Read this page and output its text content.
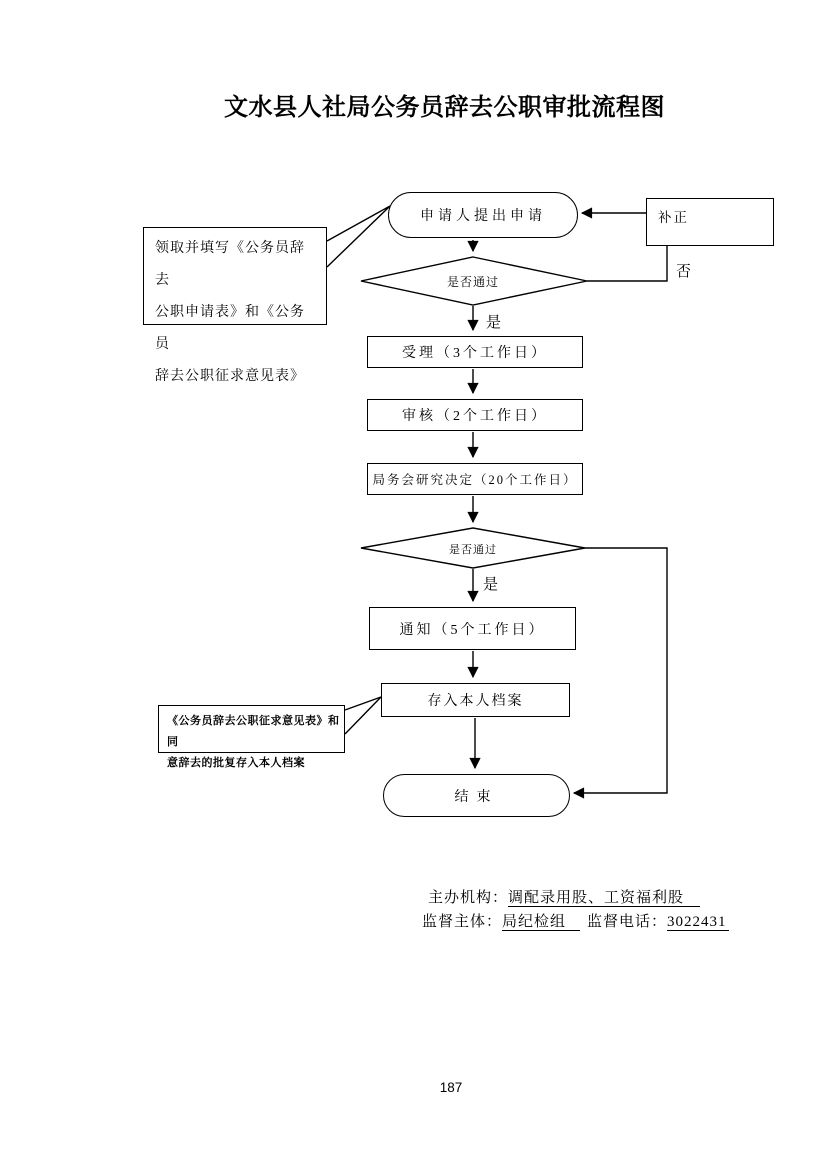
文水县人社局公务员辞去公职审批流程图
申请人提出申请
领取并填写《公务员辞去
公职申请表》和《公务员
辞去公职征求意见表》
是否通过
补正
否
是
受理（3个工作日）
审核（2个工作日）
局务会研究决定（20个工作日）
是否通过
是
通知（5个工作日）
存入本人档案
《公务员辞去公职征求意见表》和同
意辞去的批复存入本人档案
结束
主办机构：调配录用股、工资福利股
监督主体：局纪检组 监督电话：3022431
187
